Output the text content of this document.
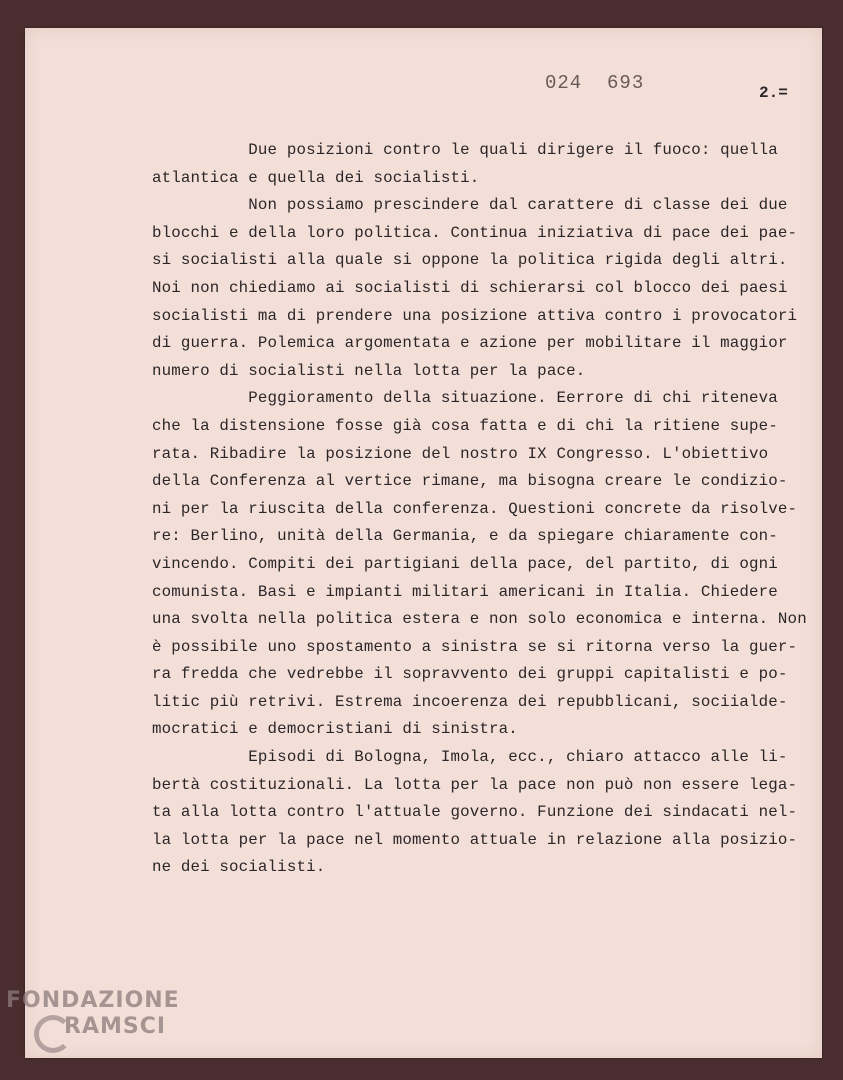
024  693	2.=
Due posizioni contro le quali dirigere il fuoco: quella
atlantica e quella dei socialisti.
Non possiamo prescindere dal carattere di classe dei due
blocchi e della loro politica. Continua iniziativa di pace dei pae-
si socialisti alla quale si oppone la politica rigida degli altri.
Noi non chiediamo ai socialisti di schierarsi col blocco dei paesi
socialisti ma di prendere una posizione attiva contro i provocatori
di guerra. Polemica argomentata e azione per mobilitare il maggior
numero di socialisti nella lotta per la pace.
Peggioramento della situazione. Eerrore di chi riteneva
che la distensione fosse già cosa fatta e di chi la ritiene supe-
rata. Ribadire la posizione del nostro IX Congresso. L'obiettivo
della Conferenza al vertice rimane, ma bisogna creare le condizio-
ni per la riuscita della conferenza. Questioni concrete da risolve-
re: Berlino, unità della Germania, e da spiegare chiaramente con-
vincendo. Compiti dei partigiani della pace, del partito, di ogni
comunista. Basi e impianti militari americani in Italia. Chiedere
una svolta nella politica estera e non solo economica e interna. Non
è possibile uno spostamento a sinistra se si ritorna verso la guer-
ra fredda che vedrebbe il sopravvento dei gruppi capitalisti e po-
litic più retrivi. Estrema incoerenza dei repubblicani, sociialde-
mocratici e democristiani di sinistra.
Episodi di Bologna, Imola, ecc., chiaro attacco alle li-
bertà costituzionali. La lotta per la pace non può non essere lega-
ta alla lotta contro l'attuale governo. Funzione dei sindacati nel-
la lotta per la pace nel momento attuale in relazione alla posizio-
ne dei socialisti.
FONDAZIONE
RAMSCI
